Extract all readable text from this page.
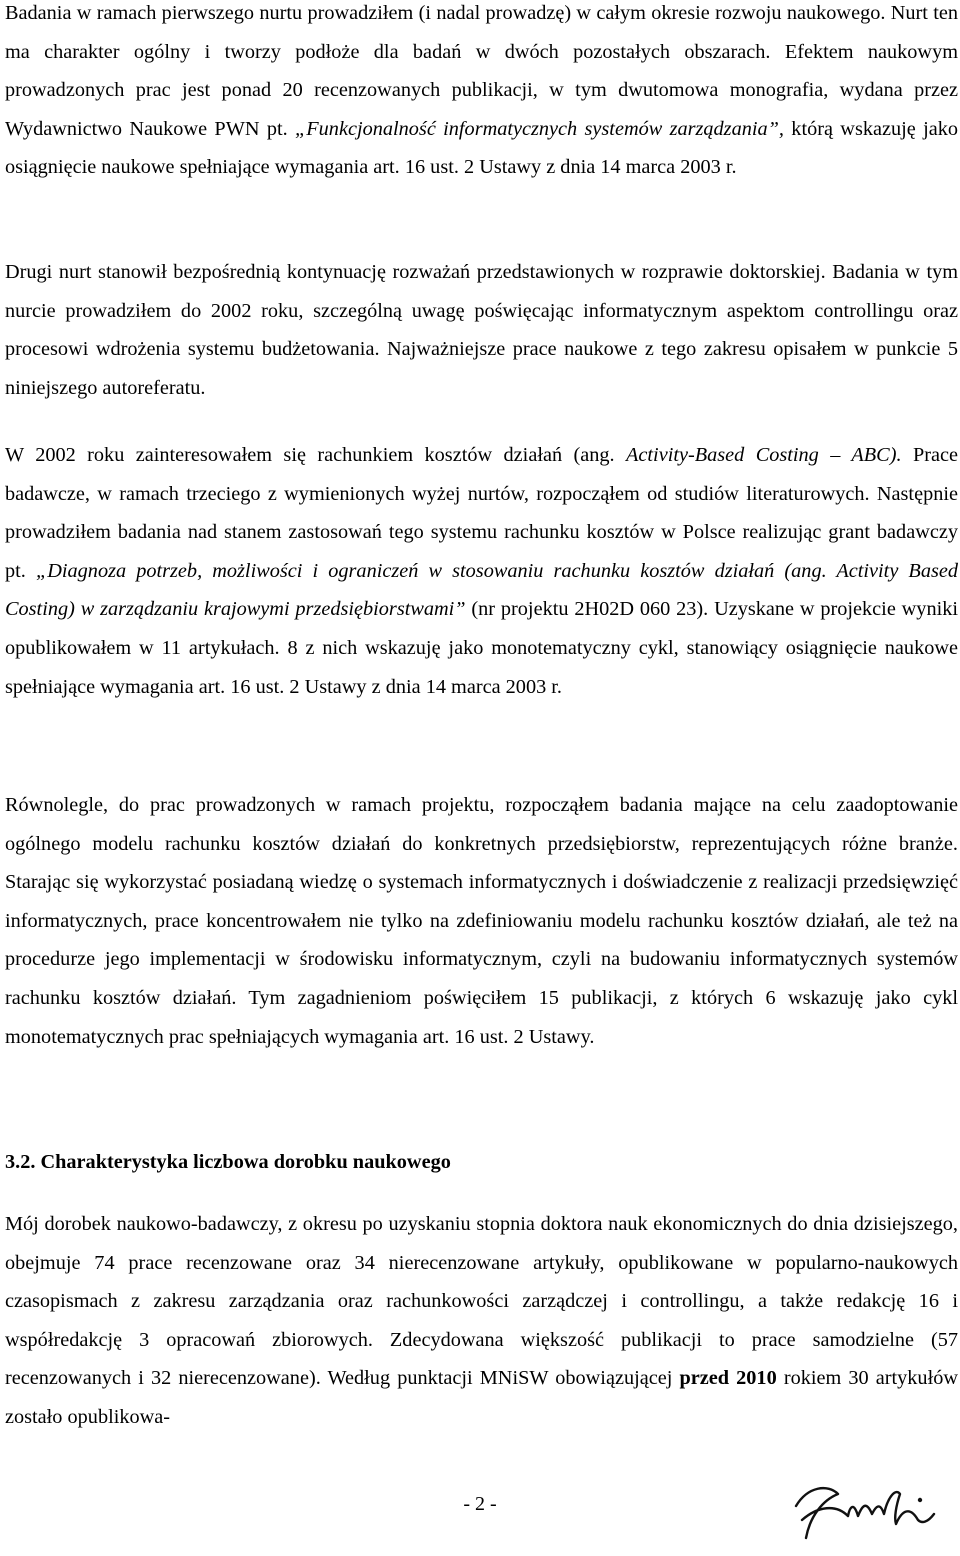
Badania w ramach pierwszego nurtu prowadziłem (i nadal prowadzę) w całym okresie rozwoju naukowego. Nurt ten ma charakter ogólny i tworzy podłoże dla badań w dwóch pozostałych obszarach. Efektem naukowym prowadzonych prac jest ponad 20 recenzowanych publikacji, w tym dwutomowa monografia, wydana przez Wydawnictwo Naukowe PWN pt. „Funkcjonalność informatycznych systemów zarządzania”, którą wskazuję jako osiągnięcie naukowe spełniające wymagania art. 16 ust. 2 Ustawy z dnia 14 marca 2003 r.

Drugi nurt stanowił bezpośrednią kontynuację rozważań przedstawionych w rozprawie doktorskiej. Badania w tym nurcie prowadziłem do 2002 roku, szczególną uwagę poświęcając informatycznym aspektom controllingu oraz procesowi wdrożenia systemu budżetowania. Najważniejsze prace naukowe z tego zakresu opisałem w punkcie 5 niniejszego autoreferatu.

W 2002 roku zainteresowałem się rachunkiem kosztów działań (ang. Activity-Based Costing – ABC). Prace badawcze, w ramach trzeciego z wymienionych wyżej nurtów, rozpocząłem od studiów literaturowych. Następnie prowadziłem badania nad stanem zastosowań tego systemu rachunku kosztów w Polsce realizując grant badawczy pt. „Diagnoza potrzeb, możliwości i ograniczeń w stosowaniu rachunku kosztów działań (ang. Activity Based Costing) w zarządzaniu krajowymi przedsiębiorstwami” (nr projektu 2H02D 060 23). Uzyskane w projekcie wyniki opublikowałem w 11 artykułach. 8 z nich wskazuję jako monotematyczny cykl, stanowiący osiągnięcie naukowe spełniające wymagania art. 16 ust. 2 Ustawy z dnia 14 marca 2003 r.

Równolegle, do prac prowadzonych w ramach projektu, rozpocząłem badania mające na celu zaadoptowanie ogólnego modelu rachunku kosztów działań do konkretnych przedsiębiorstw, reprezentujących różne branże. Starając się wykorzystać posiadaną wiedzę o systemach informatycznych i doświadczenie z realizacji przedsięwzięć informatycznych, prace koncentrowałem nie tylko na zdefiniowaniu modelu rachunku kosztów działań, ale też na procedurze jego implementacji w środowisku informatycznym, czyli na budowaniu informatycznych systemów rachunku kosztów działań. Tym zagadnieniom poświęciłem 15 publikacji, z których 6 wskazuję jako cykl monotematycznych prac spełniających wymagania art. 16 ust. 2 Ustawy.

3.2. Charakterystyka liczbowa dorobku naukowego

Mój dorobek naukowo-badawczy, z okresu po uzyskaniu stopnia doktora nauk ekonomicznych do dnia dzisiejszego, obejmuje 74 prace recenzowane oraz 34 nierecenzowane artykuły, opublikowane w popularno-naukowych czasopismach z zakresu zarządzania oraz rachunkowości zarządczej i controllingu, a także redakcję 16 i współredakcję 3 opracowań zbiorowych. Zdecydowana większość publikacji to prace samodzielne (57 recenzowanych i 32 nierecenzowane). Według punktacji MNiSW obowiązującej przed 2010 rokiem 30 artykułów zostało opublikowa-

- 2 -
